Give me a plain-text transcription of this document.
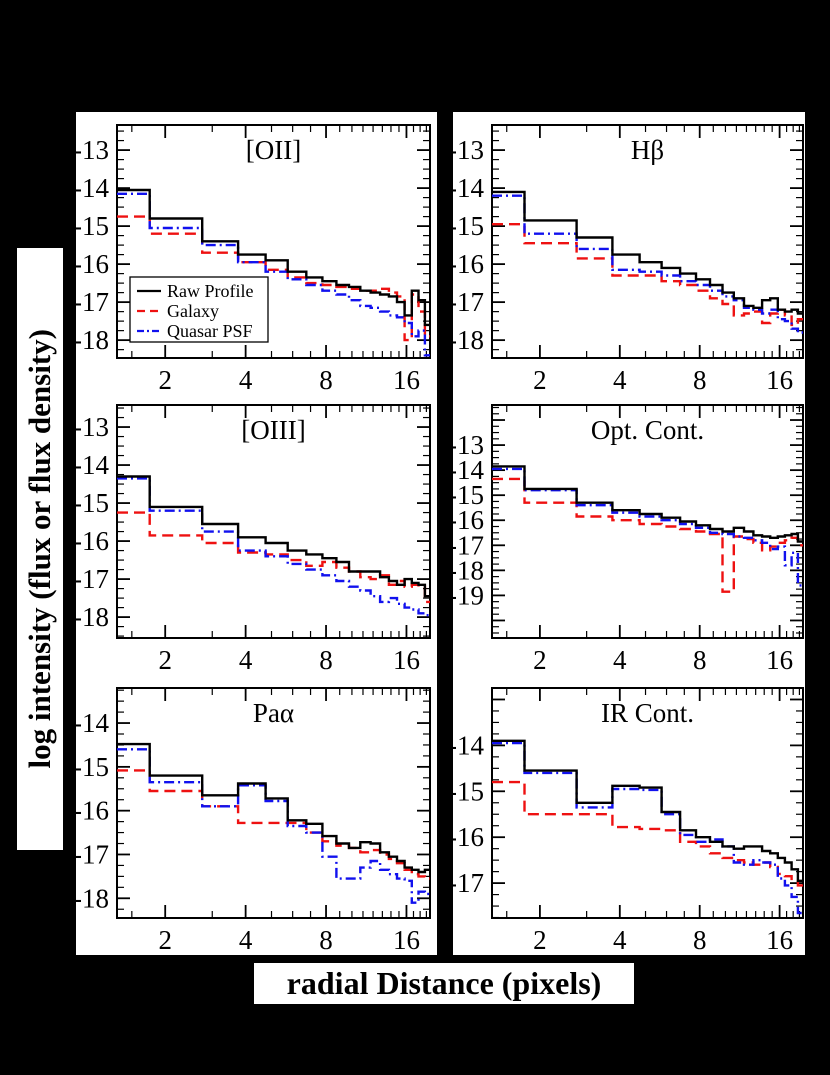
2 4 8 16
-13
-14
-15
-16
-17
-18
[OII]
Raw Profile
Galaxy
Quasar PSF
2 4 8 16
-13
-14
-15
-16
-17
-18
Hβ
2 4 8 16
-13
-14
-15
-16
-17
-18
[OIII]
2 4 8 16
-13
-14
-15
-16
-17
-18
-19
Opt. Cont.
2 4 8 16
-14
-15
-16
-17
-18
Paα
2 4 8 16
-14
-15
-16
-17
IR Cont.
log intensity (flux or flux density)
radial Distance (pixels)
